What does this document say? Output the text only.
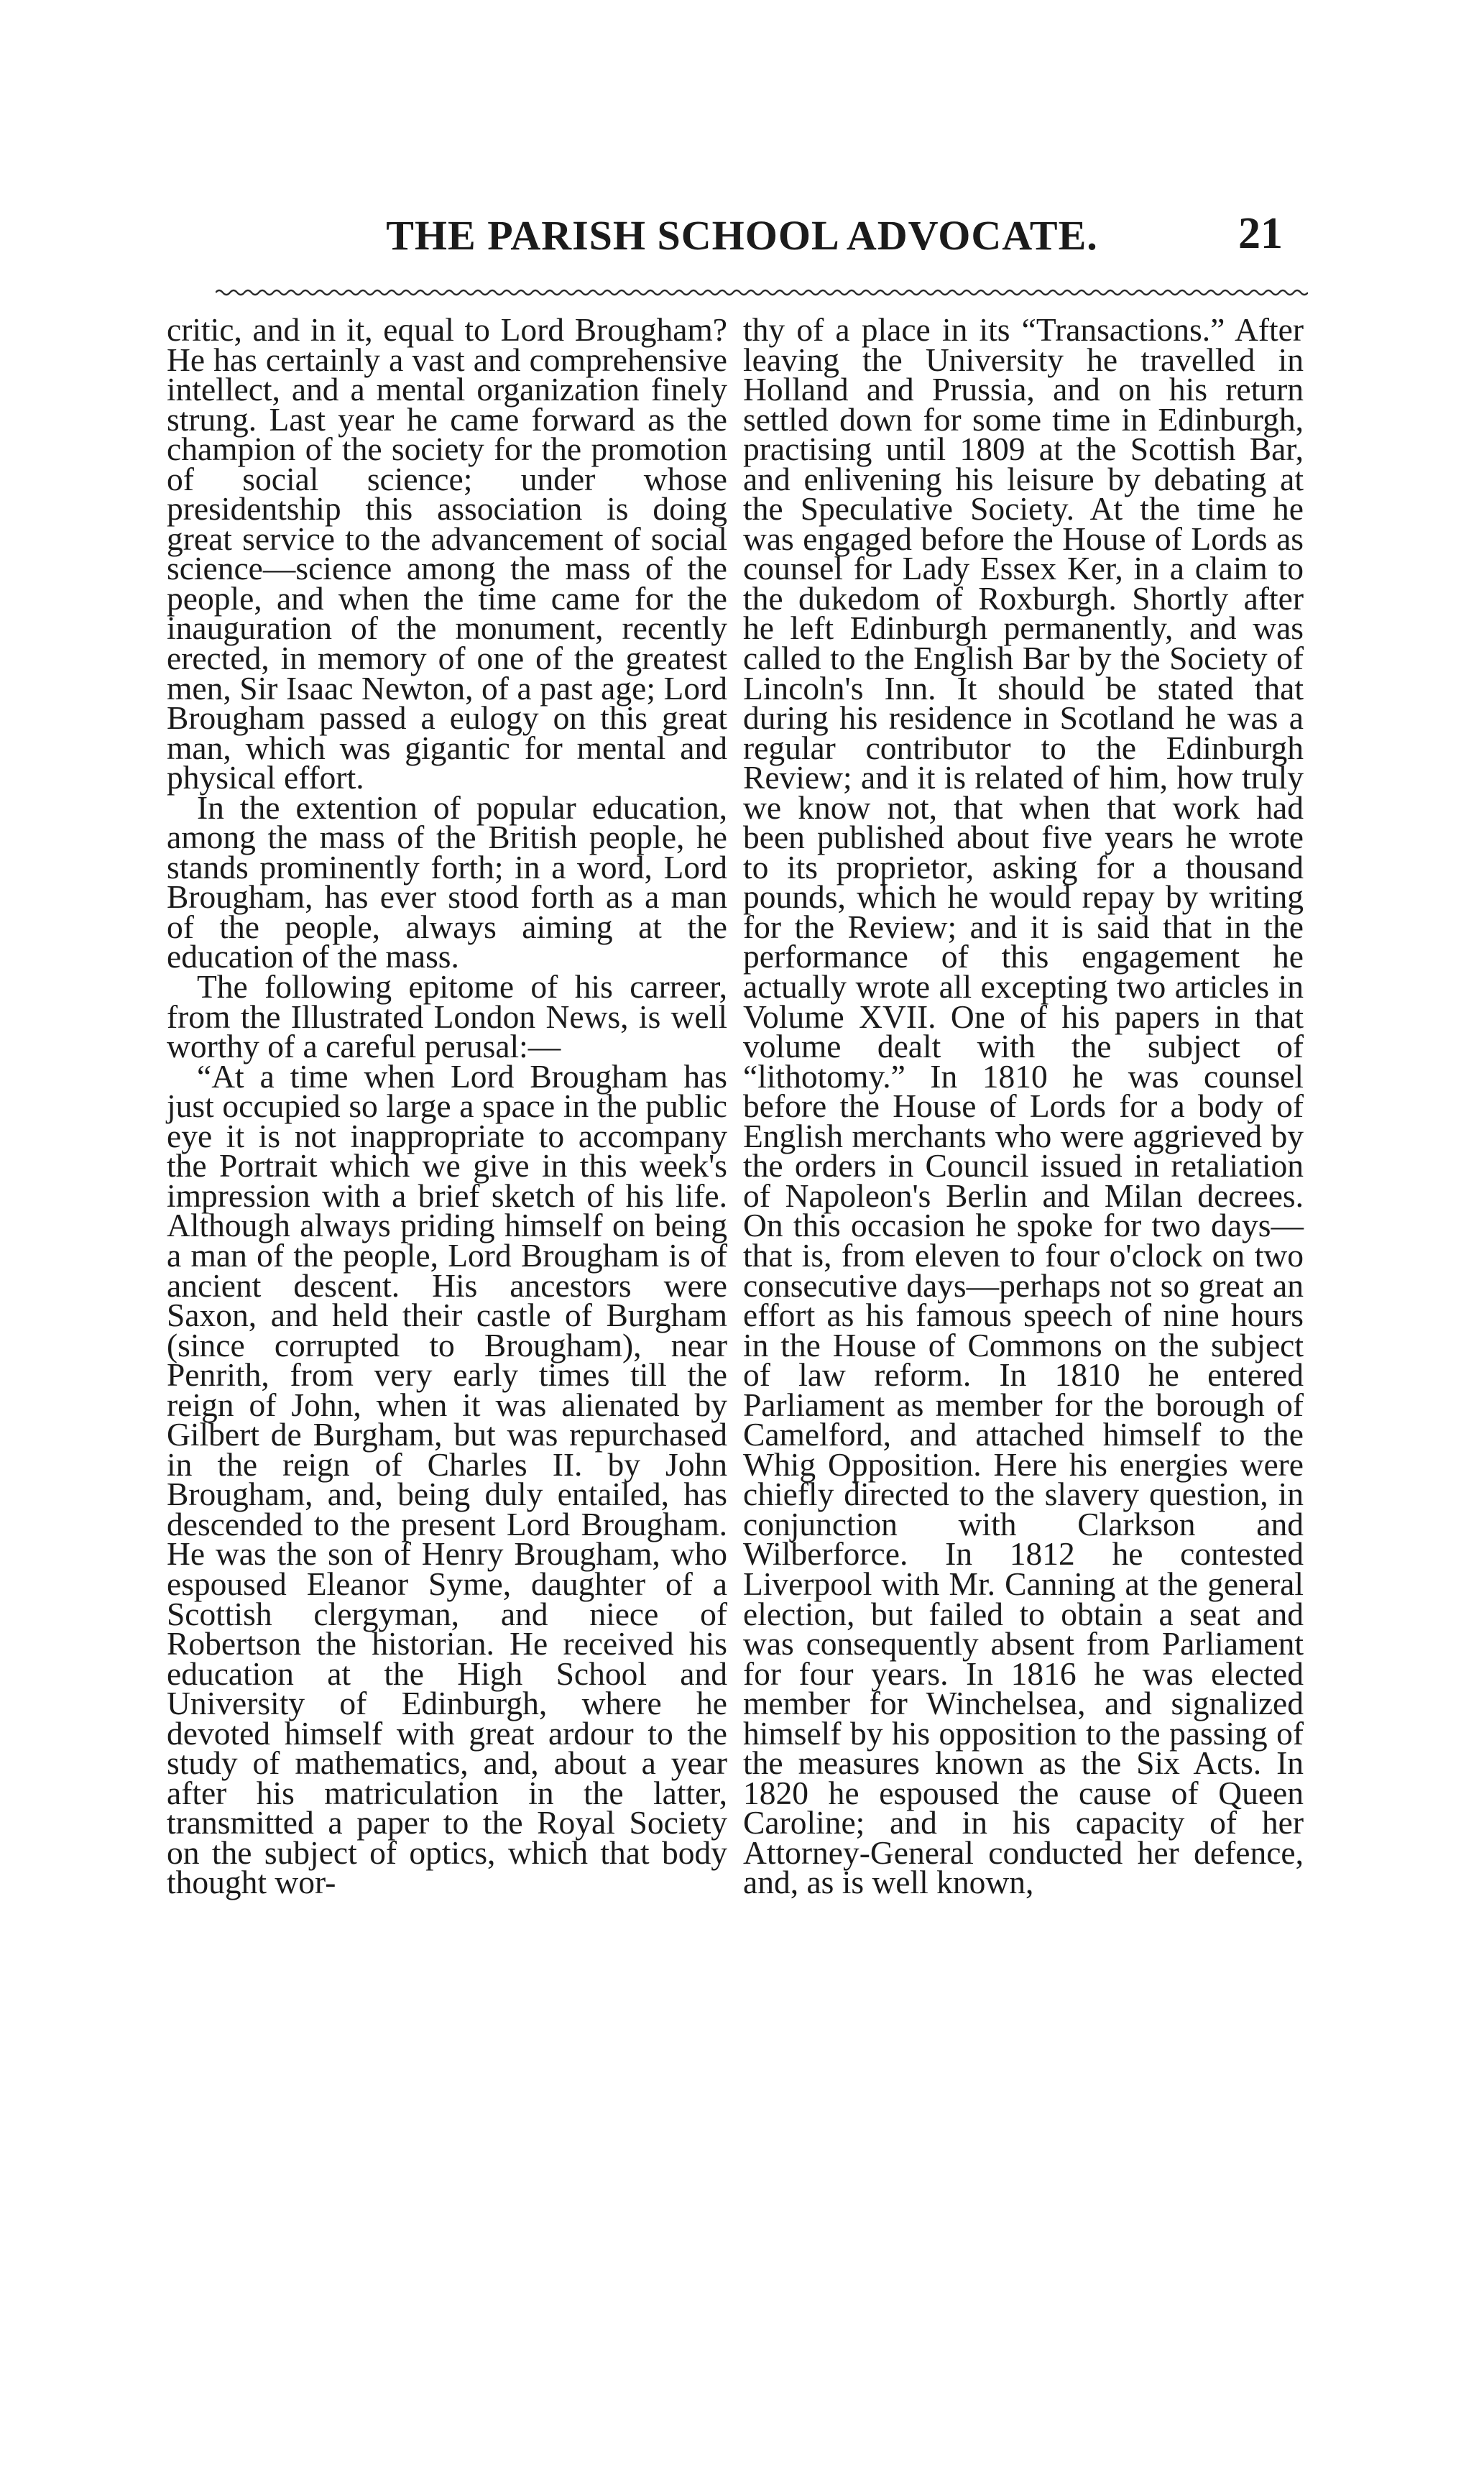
THE PARISH SCHOOL ADVOCATE.	21

critic, and in it, equal to Lord Brougham? He has certainly a vast and comprehensive intellect, and a mental organization finely strung. Last year he came forward as the champion of the society for the promotion of social science; under whose presidentship this association is doing great service to the advancement of social science—science among the mass of the people, and when the time came for the inauguration of the monument, recently erected, in memory of one of the greatest men, Sir Isaac Newton, of a past age; Lord Brougham passed a eulogy on this great man, which was gigantic for mental and physical effort.

In the extention of popular education, among the mass of the British people, he stands prominently forth; in a word, Lord Brougham, has ever stood forth as a man of the people, always aiming at the education of the mass.

The following epitome of his carreer, from the Illustrated London News, is well worthy of a careful perusal:—

“At a time when Lord Brougham has just occupied so large a space in the public eye it is not inappropriate to accompany the Portrait which we give in this week's impression with a brief sketch of his life. Although always priding himself on being a man of the people, Lord Brougham is of ancient descent. His ancestors were Saxon, and held their castle of Burgham (since corrupted to Brougham), near Penrith, from very early times till the reign of John, when it was alienated by Gilbert de Burgham, but was repurchased in the reign of Charles II. by John Brougham, and, being duly entailed, has descended to the present Lord Brougham. He was the son of Henry Brougham, who espoused Eleanor Syme, daughter of a Scottish clergyman, and niece of Robertson the historian. He received his education at the High School and University of Edinburgh, where he devoted himself with great ardour to the study of mathematics, and, about a year after his matriculation in the latter, transmitted a paper to the Royal Society on the subject of optics, which that body thought wor-

thy of a place in its “Transactions.” After leaving the University he travelled in Holland and Prussia, and on his return settled down for some time in Edinburgh, practising until 1809 at the Scottish Bar, and enlivening his leisure by debating at the Speculative Society. At the time he was engaged before the House of Lords as counsel for Lady Essex Ker, in a claim to the dukedom of Roxburgh. Shortly after he left Edinburgh permanently, and was called to the English Bar by the Society of Lincoln's Inn. It should be stated that during his residence in Scotland he was a regular contributor to the Edinburgh Review; and it is related of him, how truly we know not, that when that work had been published about five years he wrote to its proprietor, asking for a thousand pounds, which he would repay by writing for the Review; and it is said that in the performance of this engagement he actually wrote all excepting two articles in Volume XVII. One of his papers in that volume dealt with the subject of “lithotomy.” In 1810 he was counsel before the House of Lords for a body of English merchants who were aggrieved by the orders in Council issued in retaliation of Napoleon's Berlin and Milan decrees. On this occasion he spoke for two days—that is, from eleven to four o'clock on two consecutive days—perhaps not so great an effort as his famous speech of nine hours in the House of Commons on the subject of law reform. In 1810 he entered Parliament as member for the borough of Camelford, and attached himself to the Whig Opposition. Here his energies were chiefly directed to the slavery question, in conjunction with Clarkson and Wilberforce. In 1812 he contested Liverpool with Mr. Canning at the general election, but failed to obtain a seat and was consequently absent from Parliament for four years. In 1816 he was elected member for Winchelsea, and signalized himself by his opposition to the passing of the measures known as the Six Acts. In 1820 he espoused the cause of Queen Caroline; and in his capacity of her Attorney-General conducted her defence, and, as is well known,
